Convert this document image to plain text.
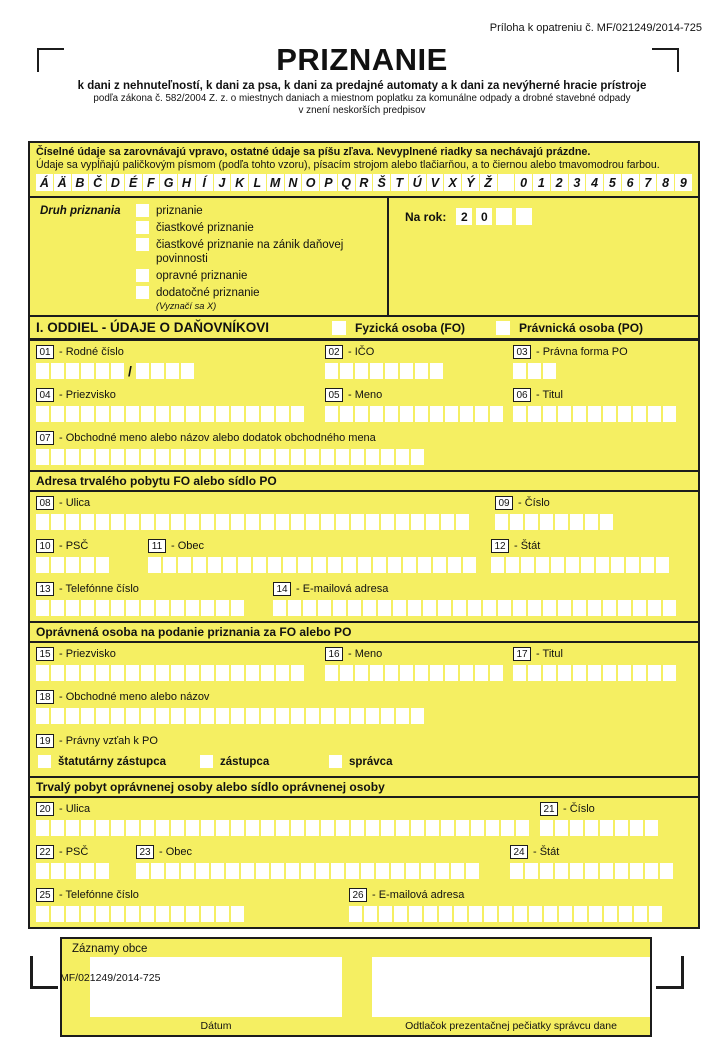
Príloha k opatreniu č. MF/021249/2014-725
PRIZNANIE
k dani z nehnuteľností, k dani za psa, k dani za predajné automaty a k dani za nevýherné hracie prístroje
podľa zákona č. 582/2004 Z. z. o miestnych daniach a miestnom poplatku za komunálne odpady a drobné stavebné odpady
v znení neskorších predpisov
Číselné údaje sa zarovnávajú vpravo, ostatné údaje sa píšu zľava. Nevyplnené riadky sa nechávajú prázdne.
Údaje sa vypĺňajú paličkovým písmom (podľa tohto vzoru), písacím strojom alebo tlačiarňou, a to čiernou alebo tmavomodrou farbou.
Á Ä B Č D É F G H Í	J K L M N O P Q R Š T Ú V X Ý Ž	0 1 2 3 4 5 6 7 8 9
Druh priznania	priznanie
čiastkové priznanie
čiastkové priznanie na zánik daňovej povinnosti
opravné priznanie
dodatočné priznanie
(Vyznačí sa X)
Na rok:	2	0
I. ODDIEL - ÚDAJE O DAŇOVNÍKOVI	Fyzická osoba (FO)	Právnická osoba (PO)
01 - Rodné číslo
/
02 - IČO	03 - Právna forma PO
04 - Priezvisko	05 - Meno	06 - Titul
07 - Obchodné meno alebo názov alebo dodatok obchodného mena
Adresa trvalého pobytu FO alebo sídlo PO
08 - Ulica	09 - Číslo
10 - PSČ	11 - Obec	12 - Štát
13 - Telefónne číslo	14 - E-mailová adresa
Oprávnená osoba na podanie priznania za FO alebo PO
15 - Priezvisko	16 - Meno	17 - Titul
18 - Obchodné meno alebo názov
19 - Právny vzťah k PO
štatutárny zástupca	zástupca	správca
Trvalý pobyt oprávnenej osoby alebo sídlo oprávnenej osoby
20 - Ulica	21 - Číslo
22 - PSČ	23 - Obec	24 - Štát
25 - Telefónne číslo	26 - E-mailová adresa
Záznamy obce
Dátum	Odtlačok prezentačnej pečiatky správcu dane
MF/021249/2014-725
